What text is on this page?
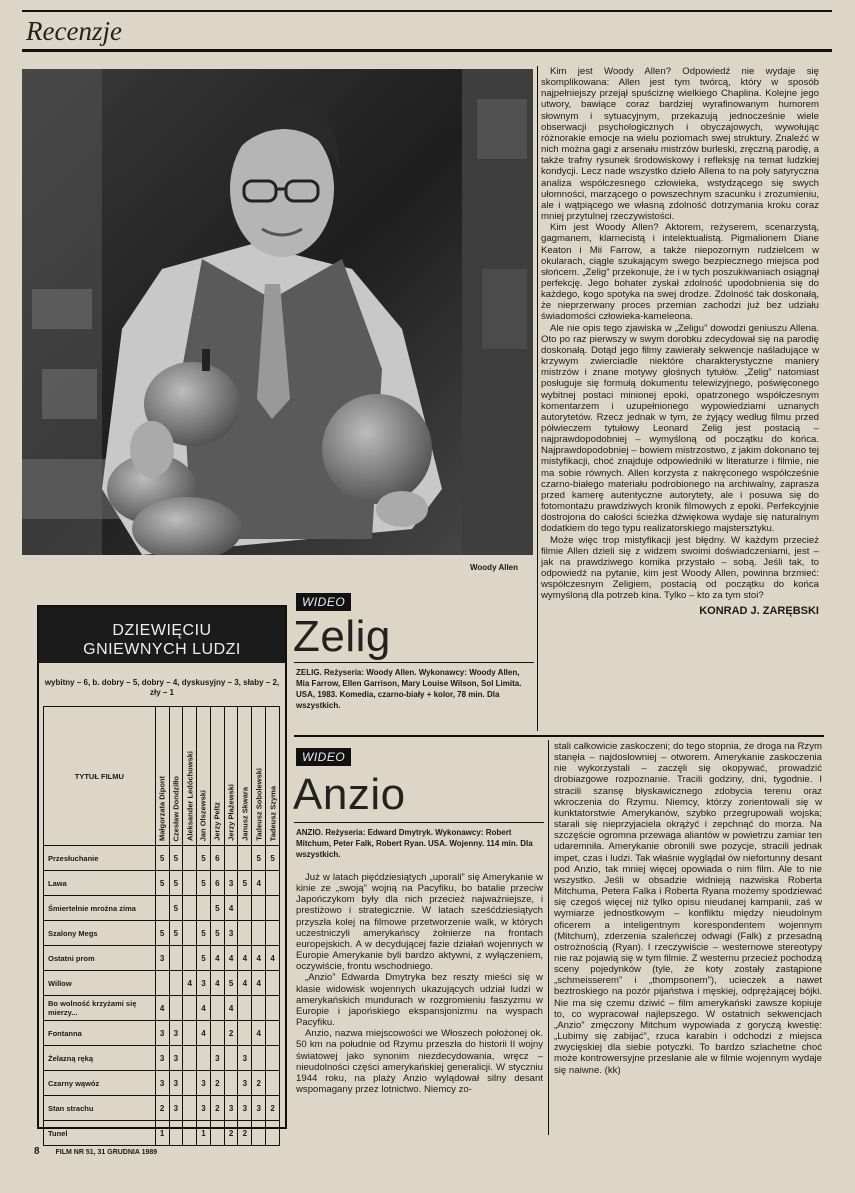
Recenzje
Woody Allen

Kim jest Woody Allen? Odpowiedź nie wydaje się skomplikowana: Allen jest tym twórcą, który w sposób najpełniejszy przejął spuściznę wielkiego Chaplina. Kolejne jego utwory, bawiące coraz bardziej wyrafinowanym humorem słownym i sytuacyjnym, przekazują jednocześnie wiele obserwacji psychologicznych i obyczajowych, wywołując różnorakie emocje na wielu poziomach swej struktury. Znaleźć w nich można gagi z arsenału mistrzów burleski, zręczną parodię, a także trafny rysunek środowiskowy i refleksję na temat ludzkiej kondycji. Lecz nade wszystko dzieło Allena to na poły satyryczna analiza współczesnego człowieka, wstydzącego się swych ułomności, marzącego o powszechnym szacunku i zrozumieniu, ale i wątpiącego we własną zdolność dotrzymania kroku coraz mniej przytulnej rzeczywistości.

Kim jest Woody Allen? Aktorem, reżyserem, scenarzystą, gagmanem, klarnecistą i intelektualistą. Pigmalionem Diane Keaton i Mii Farrow, a także niepozornym rudzielcem w okularach, ciągle szukającym swego bezpiecznego miejsca pod słońcem. „Zelig” przekonuje, że i w tych poszukiwaniach osiągnął perfekcję. Jego bohater zyskał zdolność upodobnienia się do każdego, kogo spotyka na swej drodze. Zdolność tak doskonałą, że nieprzerwany proces przemian zachodzi już bez udziału świadomości człowieka-kameleona.

Ale nie opis tego zjawiska w „Zeligu” dowodzi geniuszu Allena. Oto po raz pierwszy w swym dorobku zdecydował się na parodię doskonałą. Dotąd jego filmy zawierały sekwencje naśladujące w krzywym zwierciadle niektóre charakterystyczne maniery mistrzów i znane motywy głośnych tytułów. „Zelig” natomiast posługuje się formułą dokumentu telewizyjnego, poświęconego wybitnej postaci minionej epoki, opatrzonego współczesnym komentarzem i uzupełnionego wypowiedziami uznanych autorytetów. Rzecz jednak w tym, że żyjący według filmu przed półwieczem tytułowy Leonard Zelig jest postacią – najprawdopodobniej – wymyśloną od początku do końca. Najprawdopodobniej – bowiem mistrzostwo, z jakim dokonano tej mistyfikacji, choć znajduje odpowiedniki w literaturze i filmie, nie ma sobie równych. Allen korzysta z nakręconego współcześnie czarno-białego materiału podrobionego na archiwalny, zaprasza przed kamerę autentyczne autorytety, ale i posuwa się do fotomontażu prawdziwych kronik filmowych z epoki. Perfekcyjnie dostrojona do całości ścieżka dźwiękowa wydaje się naturalnym dodatkiem do tego typu realizatorskiego majstersztyku.

Może więc trop mistyfikacji jest błędny. W każdym przecież filmie Allen dzieli się z widzem swoimi doświadczeniami, jest – jak na prawdziwego komika przystało – sobą. Jeśli tak, to odpowiedź na pytanie, kim jest Woody Allen, powinna brzmieć: współczesnym Zeligiem, postacią od początku do końca wymyśloną dla potrzeb kina. Tylko – kto za tym stoi?

KONRAD J. ZARĘBSKI
WIDEO
Zelig
ZELIG. Reżyseria: Woody Allen. Wykonawcy: Woody Allen, Mia Farrow, Ellen Garrison, Mary Louise Wilson, Sol Limita. USA, 1983. Komedia, czarno-biały + kolor, 78 min. Dla wszystkich.
DZIEWIĘCIU
GNIEWNYCH LUDZI
wybitny – 6, b. dobry – 5, dobry – 4, dyskusyjny – 3, słaby – 2, zły – 1
TYTUŁ FILMU	Małgorzata Dipont	Czesław Dondziłło	Aleksander Ledóchowski	Jan Olszewski	Jerzy Peltz	Jerzy Płażewski	Janusz Skwara	Tadeusz Sobolewski	Tadeusz Szyma

Przesłuchanie	5	5		5	6			5	5
Lawa	5	5		5	6	3	5	4	
Śmiertelnie mroźna zima		5			5	4			
Szalony Megs	5	5		5	5	3			
Ostatni prom	3			5	4	4	4	4	4
Willow			4	3	4	5	4	4	
Bo wolność krzyżami się mierzy...	4			4		4			
Fontanna	3	3		4		2		4	
Żelazną ręką	3	3			3		3		
Czarny wąwóz	3	3		3	2		3	2	
Stan strachu	2	3		3	2	3	3	3	2
Tunel	1			1		2	2		
WIDEO
Anzio
ANZIO. Reżyseria: Edward Dmytryk. Wykonawcy: Robert Mitchum, Peter Falk, Robert Ryan. USA. Wojenny. 114 min. Dla wszystkich.

Już w latach pięćdziesiątych „uporali” się Amerykanie w kinie ze „swoją” wojną na Pacyfiku, bo batalie przeciw Japończykom były dla nich przecież najważniejsze, i prestiżowo i strategicznie. W latach sześćdziesiątych przyszła kolej na filmowe przetworzenie walk, w których uczestniczyli amerykańscy żołnierze na frontach europejskich. A w decydującej fazie działań wojennych w Europie Amerykanie byli bardzo aktywni, z wyłączeniem, oczywiście, frontu wschodniego.

„Anzio” Edwarda Dmytryka bez reszty mieści się w klasie widowisk wojennych ukazujących udział ludzi w amerykańskich mundurach w rozgromieniu faszyzmu w Europie i japońskiego ekspansjonizmu na wyspach Pacyfiku.

Anzio, nazwa miejscowości we Włoszech położonej ok. 50 km na południe od Rzymu przeszła do historii II wojny światowej jako synonim niezdecydowania, wręcz – nieudolności części amerykańskiej generalicji. W styczniu 1944 roku, na plaży Anzio wylądował silny desant wspomagany przez lotnictwo. Niemcy zo-

stali całkowicie zaskoczeni; do tego stopnia, że droga na Rzym stanęła – najdosłowniej – otworem. Amerykanie zaskoczenia nie wykorzystali – zaczęli się okopywać, prowadzić drobiazgowe rozpoznanie. Tracili godziny, dni, tygodnie. I stracili szansę błyskawicznego zdobycia terenu oraz wkroczenia do Rzymu. Niemcy, którzy zorientowali się w kunktatorstwie Amerykanów, szybko przegrupowali wojska; starali się nieprzyjaciela okrążyć i zepchnąć do morza. Na szczęście ogromna przewaga aliantów w powietrzu zamiar ten udaremniła. Amerykanie obronili swe pozycje, stracili jednak impet, czas i ludzi. Tak właśnie wyglądał ów niefortunny desant pod Anzio, tak mniej więcej opowiada o nim film. Ale to nie wszystko. Jeśli w obsadzie widnieją nazwiska Roberta Mitchuma, Petera Falka i Roberta Ryana możemy spodziewać się czegoś więcej niż tylko opisu nieudanej kampanii, zaś w wymiarze jednostkowym – konfliktu między nieudolnym oficerem a inteligentnym korespondentem wojennym (Mitchum), zderzenia szaleńczej odwagi (Falk) z przesadną ostrożnością (Ryan). I rzeczywiście – westernowe stereotypy nie raz pojawią się w tym filmie. Z westernu przecież pochodzą sceny pojedynków (tyle, że koty zostały zastąpione „schmeisserem” i „thompsonem”), ucieczek a nawet beztroskiego na pozór pijaństwa i męskiej, odprężającej bójki. Nie ma się czemu dziwić – film amerykański zawsze kopiuje to, co wypracował najlepszego. W ostatnich sekwencjach „Anzio” zmęczony Mitchum wypowiada z goryczą kwestię: „Lubimy się zabijać”, rzuca karabin i odchodzi z miejsca zwycięskiej dla siebie potyczki. To bardzo szlachetne choć może kontrowersyjne przesłanie ale w filmie wojennym wydaje się naiwne. (kk)

8 FILM NR 51, 31 GRUDNIA 1989
